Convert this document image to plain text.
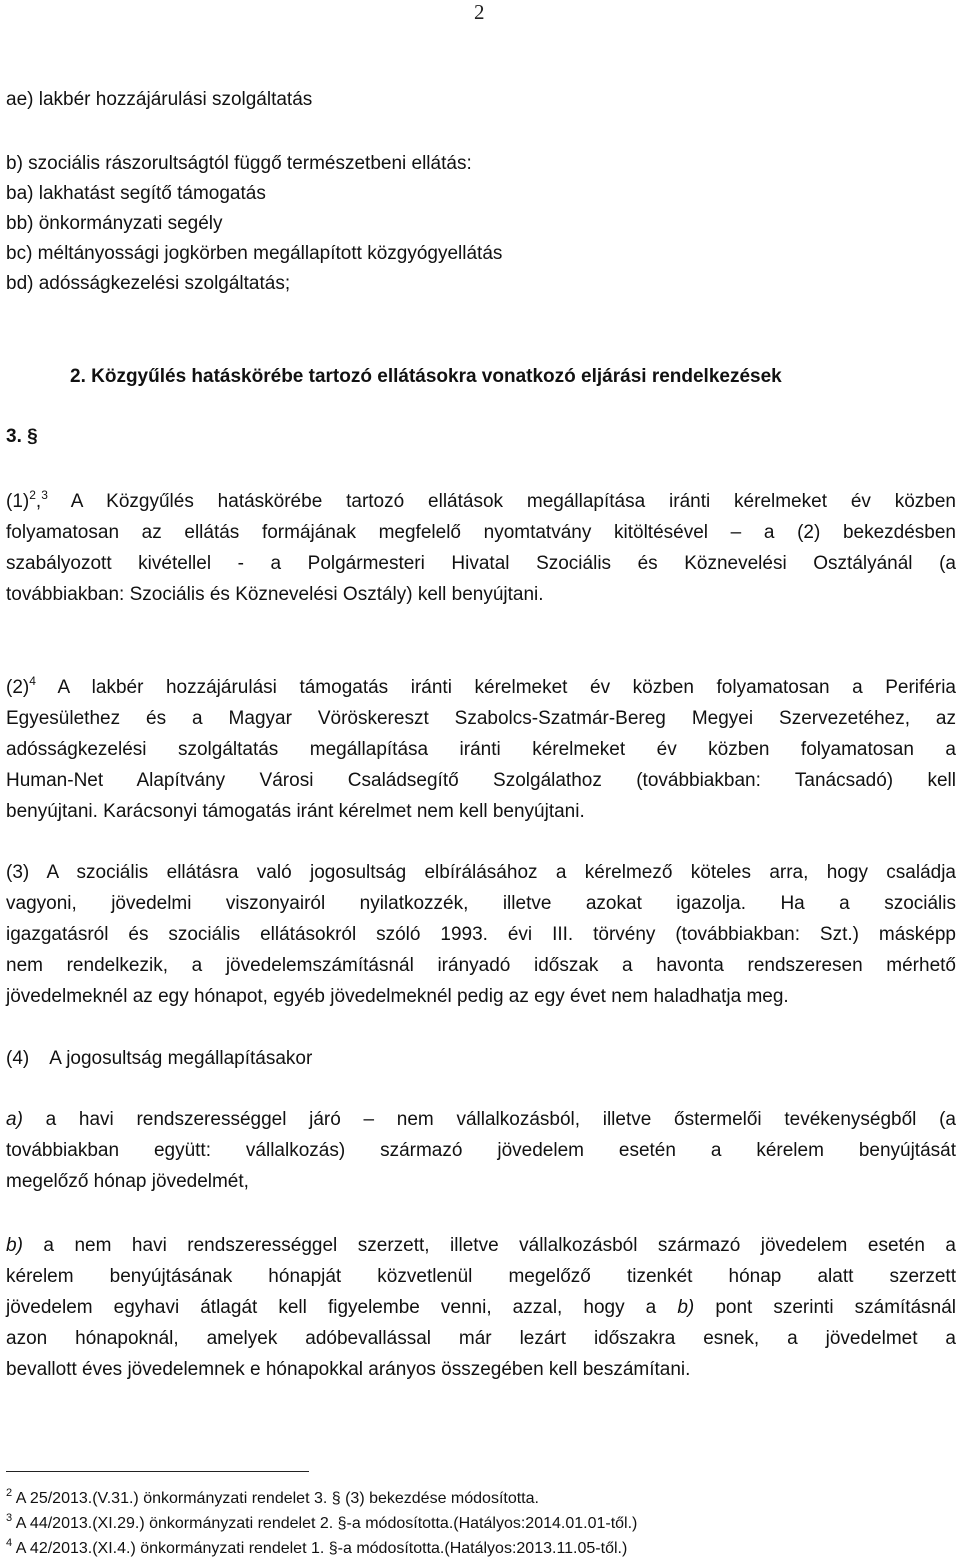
2
ae) lakbér hozzájárulási szolgáltatás
b) szociális rászorultságtól függő természetbeni ellátás:
ba) lakhatást segítő támogatás
bb) önkormányzati segély
bc) méltányossági jogkörben megállapított közgyógyellátás
bd) adósságkezelési szolgáltatás;
2. Közgyűlés hatáskörébe tartozó ellátásokra vonatkozó eljárási rendelkezések
3. §
$(1)^2,^3$ A Közgyűlés hatáskörébe tartozó ellátások megállapítása iránti kérelmeket év közben
folyamatosan az ellátás formájának megfelelő nyomtatvány kitöltésével – a (2) bekezdésben
szabályozott kivétellel - a Polgármesteri Hivatal Szociális és Köznevelési Osztályánál (a
továbbiakban: Szociális és Köznevelési Osztály) kell benyújtani.
$(2)^4$ A lakbér hozzájárulási támogatás iránti kérelmeket év közben folyamatosan a Periféria
Egyesülethez és a Magyar Vöröskereszt Szabolcs-Szatmár-Bereg Megyei Szervezetéhez, az
adósságkezelési szolgáltatás megállapítása iránti kérelmeket év közben folyamatosan a
Human-Net Alapítvány Városi Családsegítő Szolgálathoz (továbbiakban: Tanácsadó) kell
benyújtani. Karácsonyi támogatás iránt kérelmet nem kell benyújtani.
(3) A szociális ellátásra való jogosultság elbírálásához a kérelmező köteles arra, hogy családja
vagyoni, jövedelmi viszonyairól nyilatkozzék, illetve azokat igazolja. Ha a szociális
igazgatásról és szociális ellátásokról szóló 1993. évi III. törvény (továbbiakban: Szt.) másképp
nem rendelkezik, a jövedelemszámításnál irányadó időszak a havonta rendszeresen mérhető
jövedelmeknél az egy hónapot, egyéb jövedelmeknél pedig az egy évet nem haladhatja meg.
(4)    A jogosultság megállapításakor
a) a havi rendszerességgel járó – nem vállalkozásból, illetve őstermelői tevékenységből (a
továbbiakban együtt: vállalkozás) származó jövedelem esetén a kérelem benyújtását
megelőző hónap jövedelmét,
b) a nem havi rendszerességgel szerzett, illetve vállalkozásból származó jövedelem esetén a
kérelem benyújtásának hónapját közvetlenül megelőző tizenkét hónap alatt szerzett
jövedelem egyhavi átlagát kell figyelembe venni, azzal, hogy a b) pont szerinti számításnál
azon hónapoknál, amelyek adóbevallással már lezárt időszakra esnek, a jövedelmet a
bevallott éves jövedelemnek e hónapokkal arányos összegében kell beszámítani.
$^2$ A 25/2013.(V.31.) önkormányzati rendelet 3. § (3) bekezdése módosította.
$^3$ A 44/2013.(XI.29.) önkormányzati rendelet 2. §-a módosította.(Hatályos:2014.01.01-től.)
$^4$ A 42/2013.(XI.4.) önkormányzati rendelet 1. §-a módosította.(Hatályos:2013.11.05-től.)
